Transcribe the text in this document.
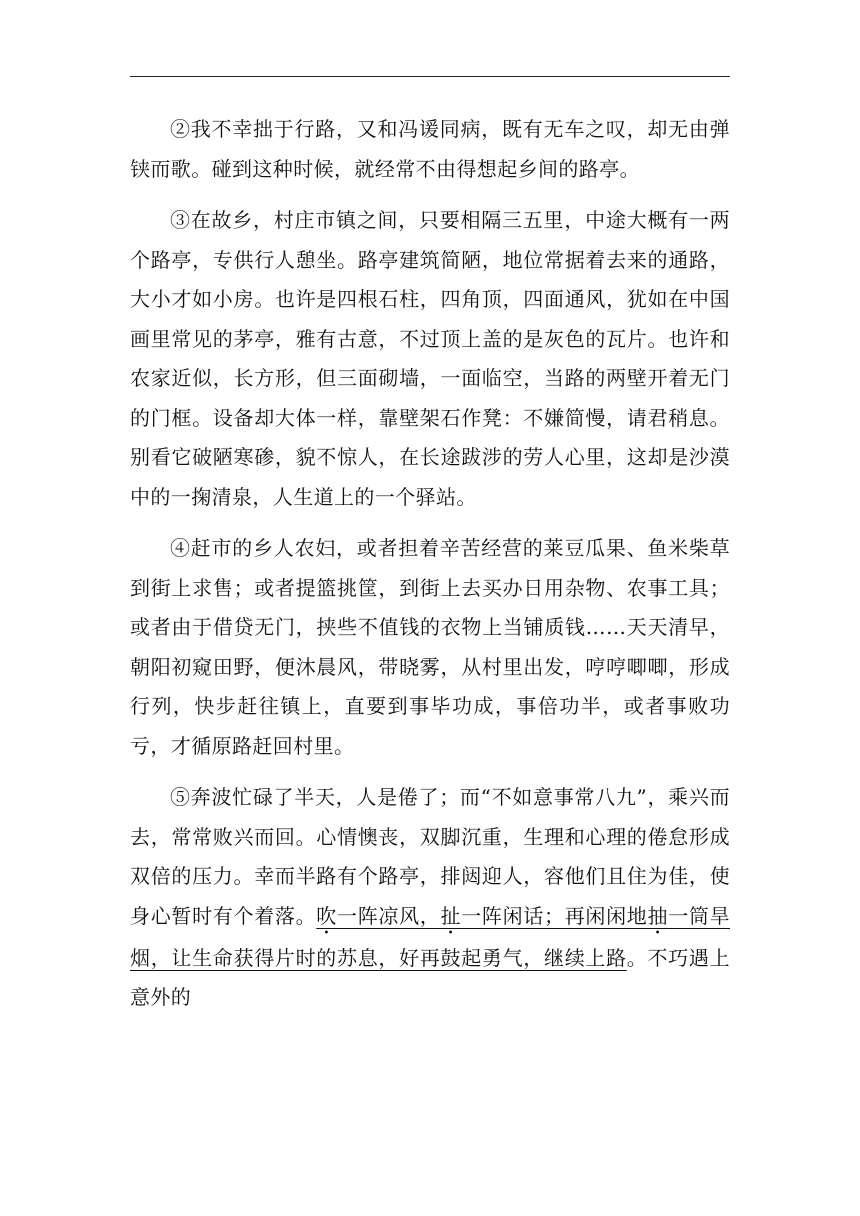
②我不幸拙于行路，又和冯谖同病，既有无车之叹，却无由弹铗而歌。碰到这种时候，就经常不由得想起乡间的路亭。

③在故乡，村庄市镇之间，只要相隔三五里，中途大概有一两个路亭，专供行人憩坐。路亭建筑简陋，地位常据着去来的通路，大小才如小房。也许是四根石柱，四角顶，四面通风，犹如在中国画里常见的茅亭，雅有古意，不过顶上盖的是灰色的瓦片。也许和农家近似，长方形，但三面砌墙，一面临空，当路的两壁开着无门的门框。设备却大体一样，靠壁架石作凳：不嫌简慢，请君稍息。别看它破陋寒碜，貌不惊人，在长途跋涉的劳人心里，这却是沙漠中的一掬清泉，人生道上的一个驿站。

④赶市的乡人农妇，或者担着辛苦经营的莱豆瓜果、鱼米柴草到街上求售；或者提篮挑筐，到街上去买办日用杂物、农事工具；或者由于借贷无门，挟些不值钱的衣物上当铺质钱……天天清早，朝阳初窥田野，便沐晨风，带晓雾，从村里出发，哼哼唧唧，形成行列，快步赶往镇上，直要到事毕功成，事倍功半，或者事败功亏，才循原路赶回村里。

⑤奔波忙碌了半天，人是倦了；而“不如意事常八九”，乘兴而去，常常败兴而回。心情懊丧，双脚沉重，生理和心理的倦怠形成双倍的压力。幸而半路有个路亭，排闼迎人，容他们且住为佳，使身心暂时有个着落。吹一阵凉风，扯一阵闲话；再闲闲地抽一筒旱烟，让生命获得片时的苏息，好再鼓起勇气，继续上路。不巧遇上意外的
